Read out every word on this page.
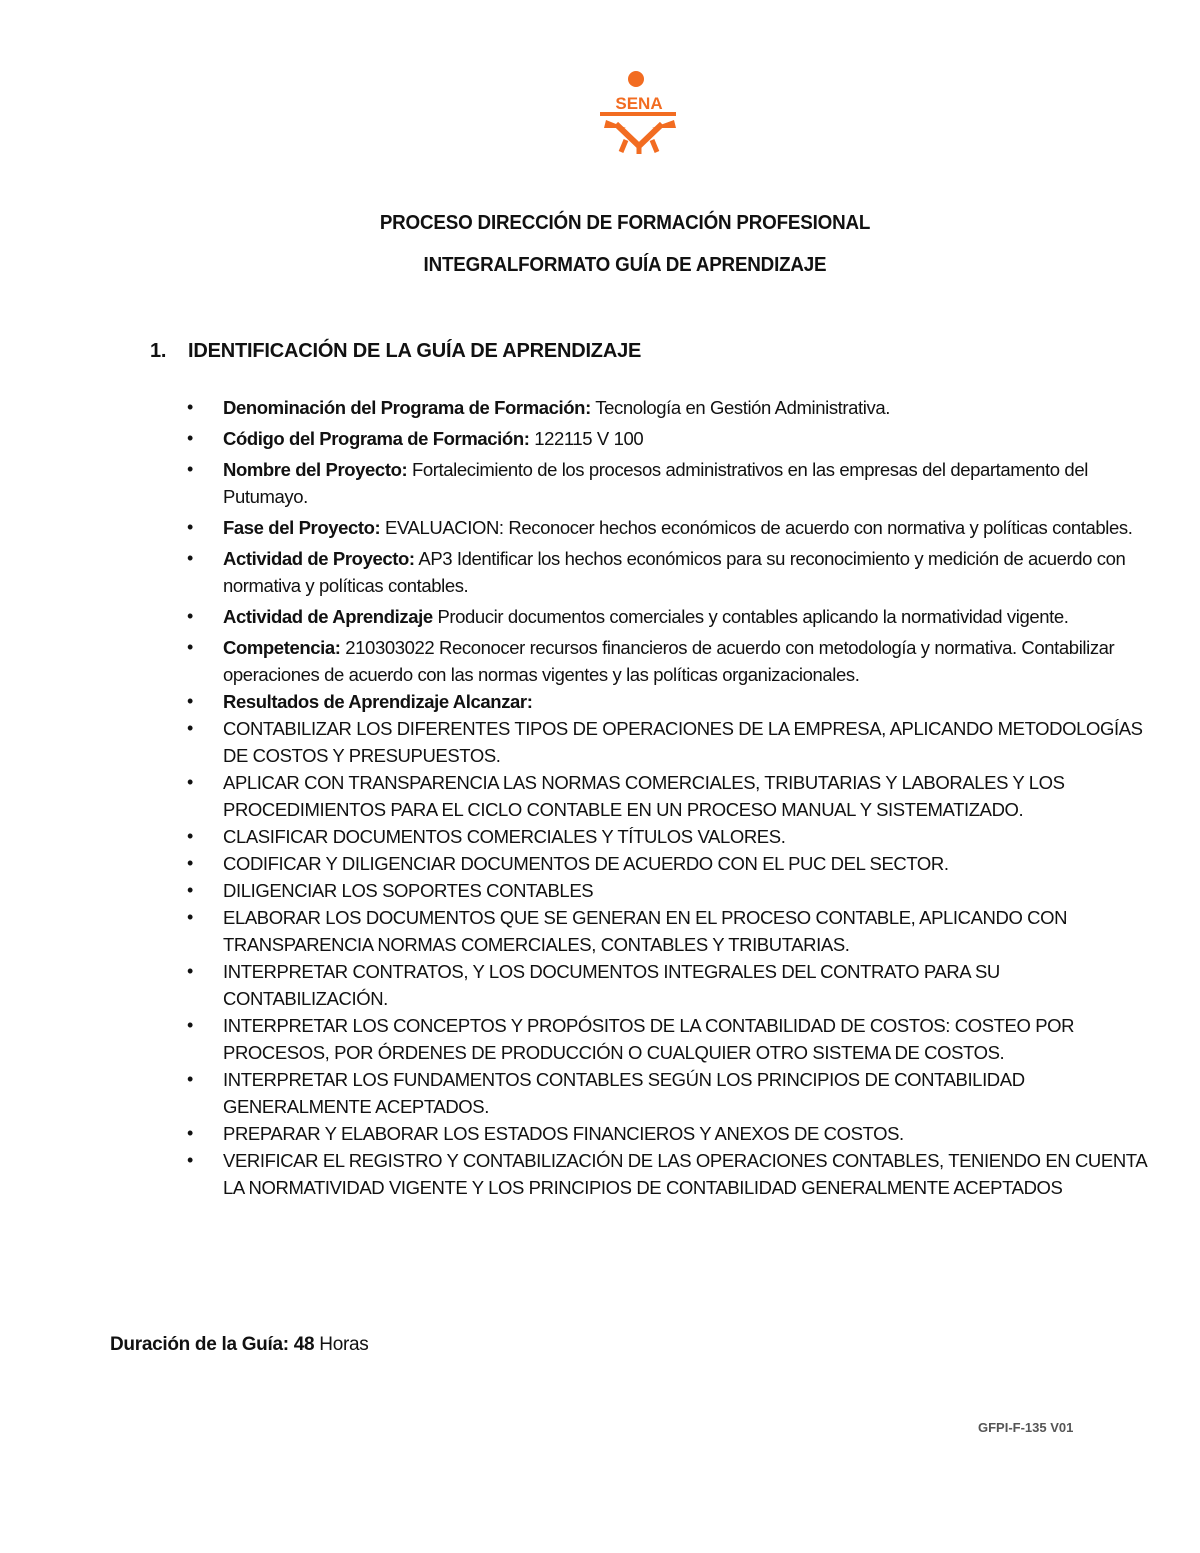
SENA
PROCESO DIRECCIÓN DE FORMACIÓN PROFESIONAL
INTEGRALFORMATO GUÍA DE APRENDIZAJE
1. IDENTIFICACIÓN DE LA GUÍA DE APRENDIZAJE
• Denominación del Programa de Formación: Tecnología en Gestión Administrativa.
• Código del Programa de Formación: 122115 V 100
• Nombre del Proyecto: Fortalecimiento de los procesos administrativos en las empresas del departamento del Putumayo.
• Fase del Proyecto: EVALUACION: Reconocer hechos económicos de acuerdo con normativa y políticas contables.
• Actividad de Proyecto: AP3 Identificar los hechos económicos para su reconocimiento y medición de acuerdo con normativa y políticas contables.
• Actividad de Aprendizaje Producir documentos comerciales y contables aplicando la normatividad vigente.
• Competencia: 210303022 Reconocer recursos financieros de acuerdo con metodología y normativa. Contabilizar operaciones de acuerdo con las normas vigentes y las políticas organizacionales.
• Resultados de Aprendizaje Alcanzar:
• CONTABILIZAR LOS DIFERENTES TIPOS DE OPERACIONES DE LA EMPRESA, APLICANDO METODOLOGÍAS DE COSTOS Y PRESUPUESTOS.
• APLICAR CON TRANSPARENCIA LAS NORMAS COMERCIALES, TRIBUTARIAS Y LABORALES Y LOS PROCEDIMIENTOS PARA EL CICLO CONTABLE EN UN PROCESO MANUAL Y SISTEMATIZADO.
• CLASIFICAR DOCUMENTOS COMERCIALES Y TÍTULOS VALORES.
• CODIFICAR Y DILIGENCIAR DOCUMENTOS DE ACUERDO CON EL PUC DEL SECTOR.
• DILIGENCIAR LOS SOPORTES CONTABLES
• ELABORAR LOS DOCUMENTOS QUE SE GENERAN EN EL PROCESO CONTABLE, APLICANDO CON TRANSPARENCIA NORMAS COMERCIALES, CONTABLES Y TRIBUTARIAS.
• INTERPRETAR CONTRATOS, Y LOS DOCUMENTOS INTEGRALES DEL CONTRATO PARA SU CONTABILIZACIÓN.
• INTERPRETAR LOS CONCEPTOS Y PROPÓSITOS DE LA CONTABILIDAD DE COSTOS: COSTEO POR PROCESOS, POR ÓRDENES DE PRODUCCIÓN O CUALQUIER OTRO SISTEMA DE COSTOS.
• INTERPRETAR LOS FUNDAMENTOS CONTABLES SEGÚN LOS PRINCIPIOS DE CONTABILIDAD GENERALMENTE ACEPTADOS.
• PREPARAR Y ELABORAR LOS ESTADOS FINANCIEROS Y ANEXOS DE COSTOS.
• VERIFICAR EL REGISTRO Y CONTABILIZACIÓN DE LAS OPERACIONES CONTABLES, TENIENDO EN CUENTA LA NORMATIVIDAD VIGENTE Y LOS PRINCIPIOS DE CONTABILIDAD GENERALMENTE ACEPTADOS
Duración de la Guía: 48 Horas
GFPI-F-135 V01
